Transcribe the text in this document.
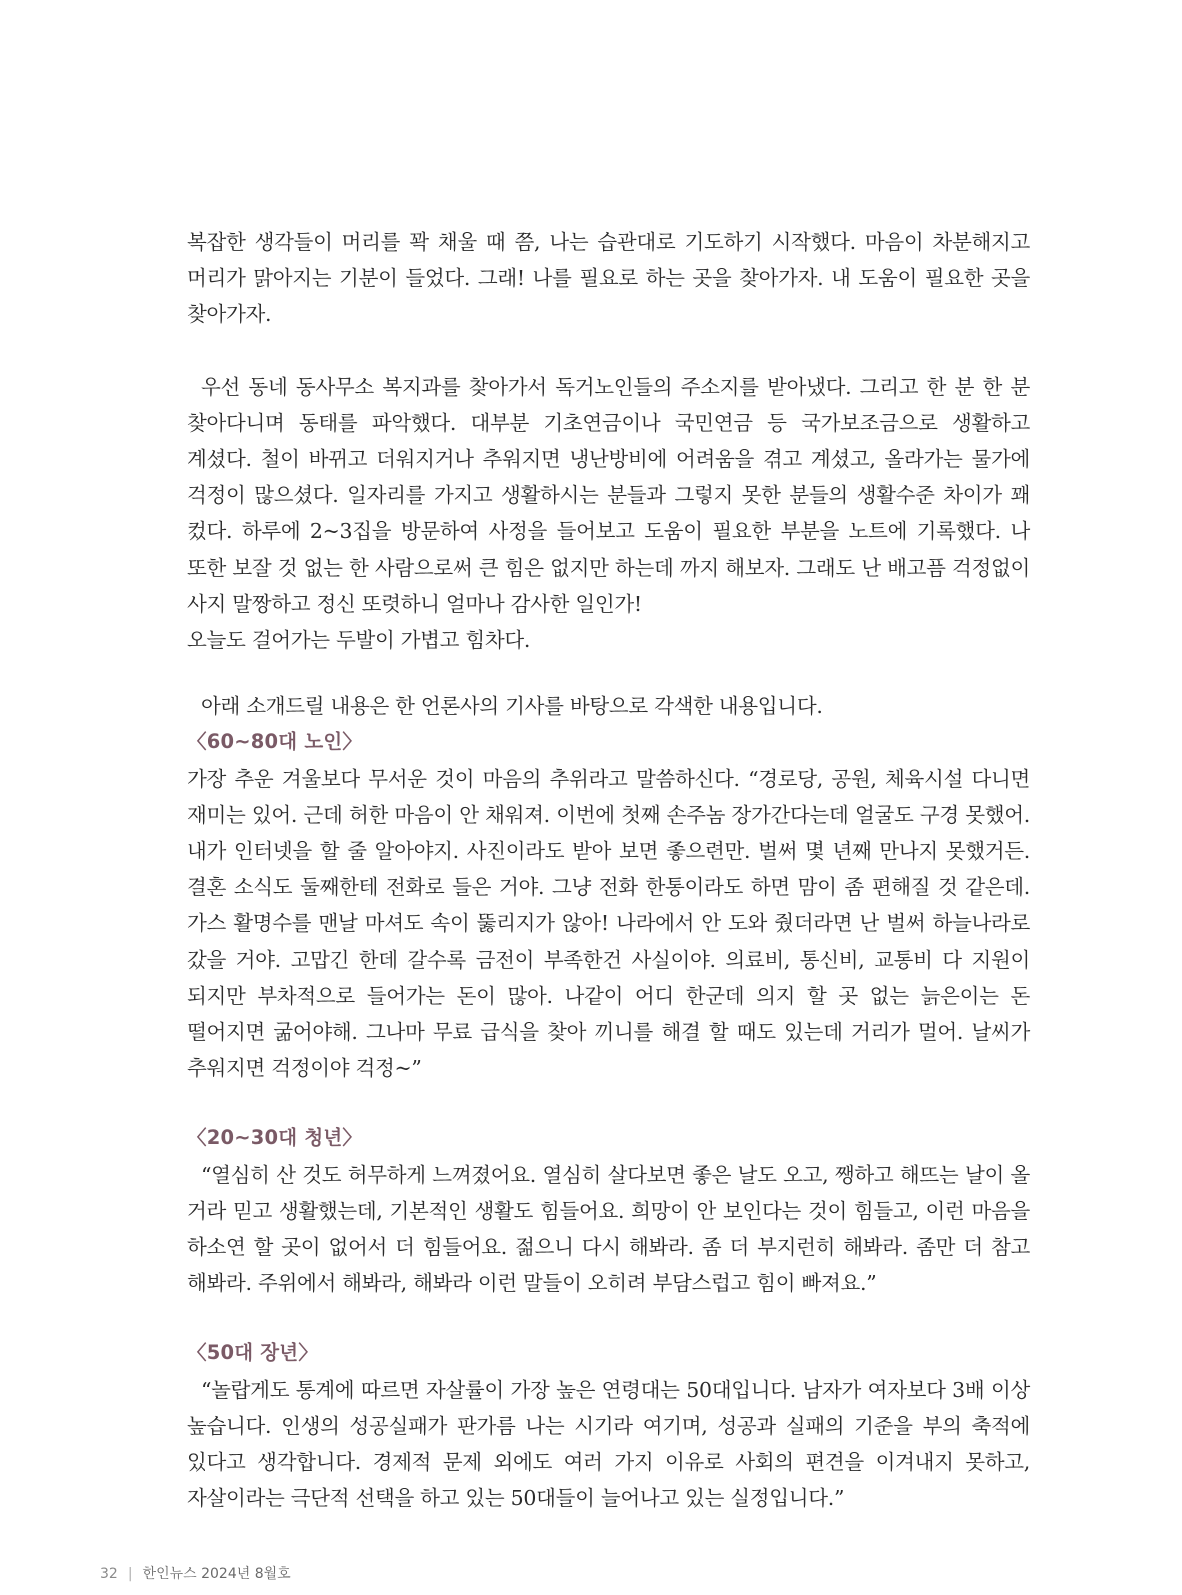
복잡한 생각들이 머리를 꽉 채울 때 쯤, 나는 습관대로 기도하기 시작했다. 마음이 차분해지고 머리가 맑아지는 기분이 들었다. 그래! 나를 필요로 하는 곳을 찾아가자. 내 도움이 필요한 곳을 찾아가자.

우선 동네 동사무소 복지과를 찾아가서 독거노인들의 주소지를 받아냈다. 그리고 한 분 한 분 찾아다니며 동태를 파악했다. 대부분 기초연금이나 국민연금 등 국가보조금으로 생활하고 계셨다. 철이 바뀌고 더워지거나 추워지면 냉난방비에 어려움을 겪고 계셨고, 올라가는 물가에 걱정이 많으셨다. 일자리를 가지고 생활하시는 분들과 그렇지 못한 분들의 생활수준 차이가 꽤 컸다. 하루에 2~3집을 방문하여 사정을 들어보고 도움이 필요한 부분을 노트에 기록했다. 나 또한 보잘 것 없는 한 사람으로써 큰 힘은 없지만 하는데 까지 해보자. 그래도 난 배고픔 걱정없이 사지 말짱하고 정신 또렷하니 얼마나 감사한 일인가!

오늘도 걸어가는 두발이 가볍고 힘차다.

아래 소개드릴 내용은 한 언론사의 기사를 바탕으로 각색한 내용입니다.

〈60~80대 노인〉

가장 추운 겨울보다 무서운 것이 마음의 추위라고 말씀하신다. “경로당, 공원, 체육시설 다니면 재미는 있어. 근데 허한 마음이 안 채워져. 이번에 첫째 손주놈 장가간다는데 얼굴도 구경 못했어. 내가 인터넷을 할 줄 알아야지. 사진이라도 받아 보면 좋으련만. 벌써 몇 년째 만나지 못했거든. 결혼 소식도 둘째한테 전화로 들은 거야. 그냥 전화 한통이라도 하면 맘이 좀 편해질 것 같은데. 가스 활명수를 맨날 마셔도 속이 뚫리지가 않아! 나라에서 안 도와 줬더라면 난 벌써 하늘나라로 갔을 거야. 고맙긴 한데 갈수록 금전이 부족한건 사실이야. 의료비, 통신비, 교통비 다 지원이 되지만 부차적으로 들어가는 돈이 많아. 나같이 어디 한군데 의지 할 곳 없는 늙은이는 돈 떨어지면 굶어야해. 그나마 무료 급식을 찾아 끼니를 해결 할 때도 있는데 거리가 멀어. 날씨가 추워지면 걱정이야 걱정~”

〈20~30대 청년〉

“열심히 산 것도 허무하게 느껴졌어요. 열심히 살다보면 좋은 날도 오고, 쨍하고 해뜨는 날이 올 거라 믿고 생활했는데, 기본적인 생활도 힘들어요. 희망이 안 보인다는 것이 힘들고, 이런 마음을 하소연 할 곳이 없어서 더 힘들어요. 젊으니 다시 해봐라. 좀 더 부지런히 해봐라. 좀만 더 참고 해봐라. 주위에서 해봐라, 해봐라 이런 말들이 오히려 부담스럽고 힘이 빠져요.”

〈50대 장년〉

“놀랍게도 통계에 따르면 자살률이 가장 높은 연령대는 50대입니다. 남자가 여자보다 3배 이상 높습니다. 인생의 성공실패가 판가름 나는 시기라 여기며, 성공과 실패의 기준을 부의 축적에 있다고 생각합니다. 경제적 문제 외에도 여러 가지 이유로 사회의 편견을 이겨내지 못하고, 자살이라는 극단적 선택을 하고 있는 50대들이 늘어나고 있는 실정입니다.”

32 | 한인뉴스 2024년 8월호
